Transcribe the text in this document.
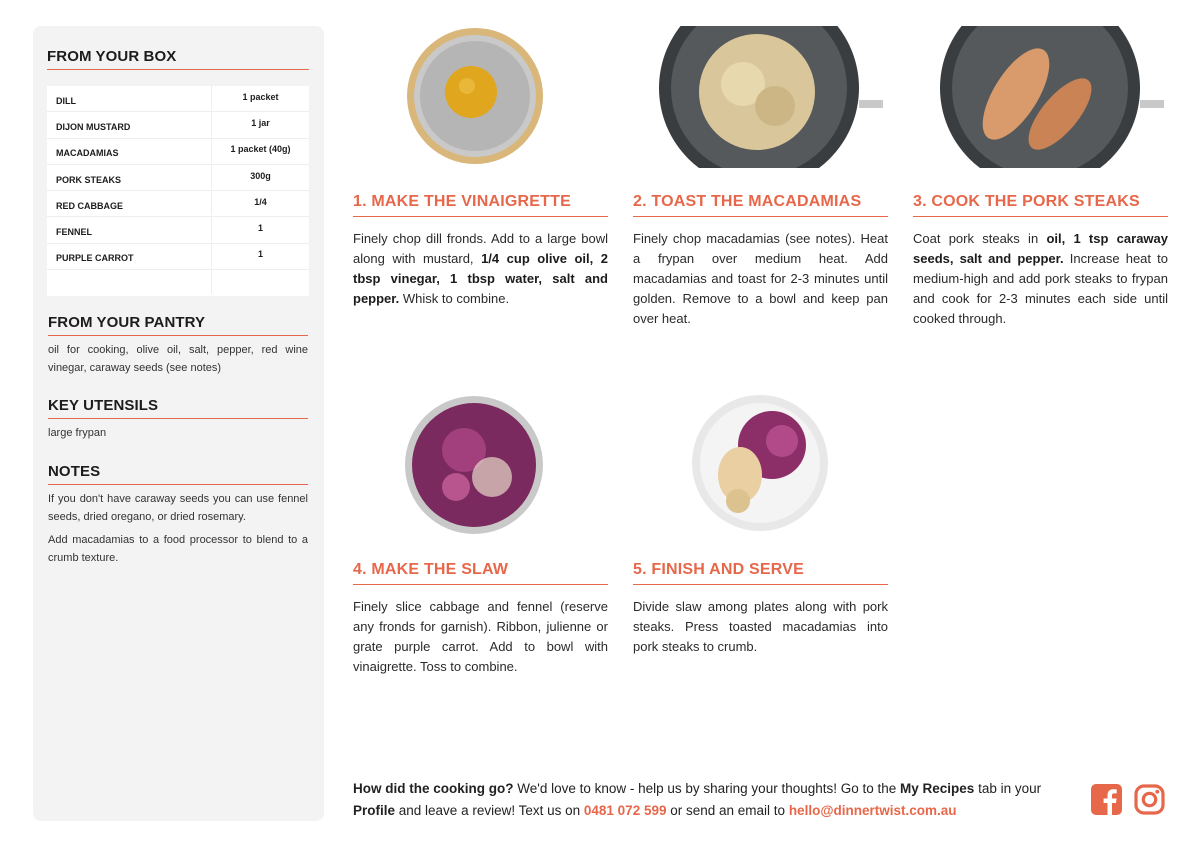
FROM YOUR BOX
DILL	1 packet
DIJON MUSTARD	1 jar
MACADAMIAS	1 packet (40g)
PORK STEAKS	300g
RED CABBAGE	1/4
FENNEL	1
PURPLE CARROT	1
FROM YOUR PANTRY
oil for cooking, olive oil, salt, pepper, red wine vinegar, caraway seeds (see notes)
KEY UTENSILS
large frypan
NOTES
If you don't have caraway seeds you can use fennel seeds, dried oregano, or dried rosemary.
Add macadamias to a food processor to blend to a crumb texture.
1. MAKE THE VINAIGRETTE
Finely chop dill fronds. Add to a large bowl along with mustard, 1/4 cup olive oil, 2 tbsp vinegar, 1 tbsp water, salt and pepper. Whisk to combine.
2. TOAST THE MACADAMIAS
Finely chop macadamias (see notes). Heat a frypan over medium heat. Add macadamias and toast for 2-3 minutes until golden. Remove to a bowl and keep pan over heat.
3. COOK THE PORK STEAKS
Coat pork steaks in oil, 1 tsp caraway seeds, salt and pepper. Increase heat to medium-high and add pork steaks to frypan and cook for 2-3 minutes each side until cooked through.
4. MAKE THE SLAW
Finely slice cabbage and fennel (reserve any fronds for garnish). Ribbon, julienne or grate purple carrot. Add to bowl with vinaigrette. Toss to combine.
5. FINISH AND SERVE
Divide slaw among plates along with pork steaks. Press toasted macadamias into pork steaks to crumb.
How did the cooking go? We'd love to know - help us by sharing your thoughts! Go to the My Recipes tab in your Profile and leave a review! Text us on 0481 072 599 or send an email to hello@dinnertwist.com.au
